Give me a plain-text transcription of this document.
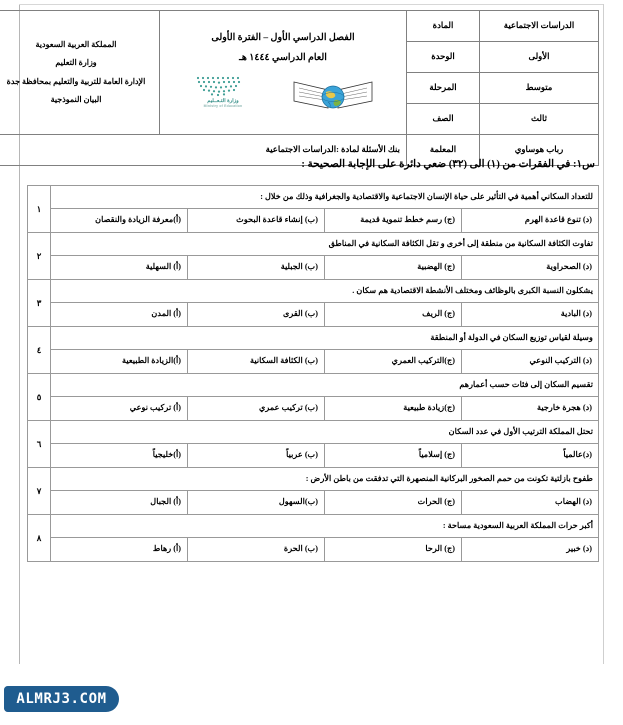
الدراسات الاجتماعية	المادة	
الفصل الدراسي الأول – الفترة الأولى
العام الدراسي ١٤٤٤ هـ
وزارة التـعــليم
Ministry of Education

المملكة العربية السعودية
وزارة التعليم
الإدارة العامة للتربية والتعليم بمحافظة جدة
البيان النموذجية

الأولى	الوحدة		
متوسط	المرحلة		
ثالث	الصف		
رباب هوساوي	المعلمة	بنك الأسئلة لمادة :الدراسات الاجتماعية	
س١: في الفقرات من (١) الى (٣٢) ضعي دائرة على الإجابة الصحيحة :
للتعداد السكاني أهمية في التأثير على حياة الإنسان الاجتماعية والاقتصادية والجغرافية وذلك من خلال :				١
(د) تنوع قاعدة الهرم	(ج) رسم خطط تنموية قديمة	(ب) إنشاء قاعدة البحوث	(أ)معرفة الزيادة والنقصان	
تفاوت الكثافة السكانية من منطقة إلى أخرى و تقل الكثافة السكانية في المناطق				٢
(د) الصحراوية	(ج) الهضبية	(ب) الجبلية	(أ) السهلية	
يشكلون النسبة الكبرى بالوظائف ومختلف الأنشطة الاقتصادية هم سكان .				٣
(د) البادية	(ج) الريف	(ب) القرى	(أ) المدن	
وسيلة لقياس توزيع السكان في الدولة أو المنطقة				٤
(د) التركيب النوعي	(ج)التركيب العمري	(ب) الكثافة السكانية	(أ)الزيادة الطبيعية	
تقسيم السكان إلى فئات حسب أعمارهم				٥
(د) هجرة خارجية	(ج)زيادة طبيعية	(ب) تركيب عمري	(أ) تركيب نوعي	
تحتل المملكة الترتيب الأول في عدد السكان				٦
(د)عالمياً	(ج) إسلامياً	(ب) عربياً	(أ)خليجياً	
طفوح بازلتية تكونت من حمم الصخور البركانية المنصهرة التي تدفقت من باطن الأرض :				٧
(د) الهضاب	(ج) الحرات	(ب)السهول	(أ) الجبال	
أكبر حرات المملكة العربية السعودية مساحة :				٨
(د) خبير	(ج) الرحا	(ب) الحرة	(أ) رهاط	
ALMRJ3.COM
